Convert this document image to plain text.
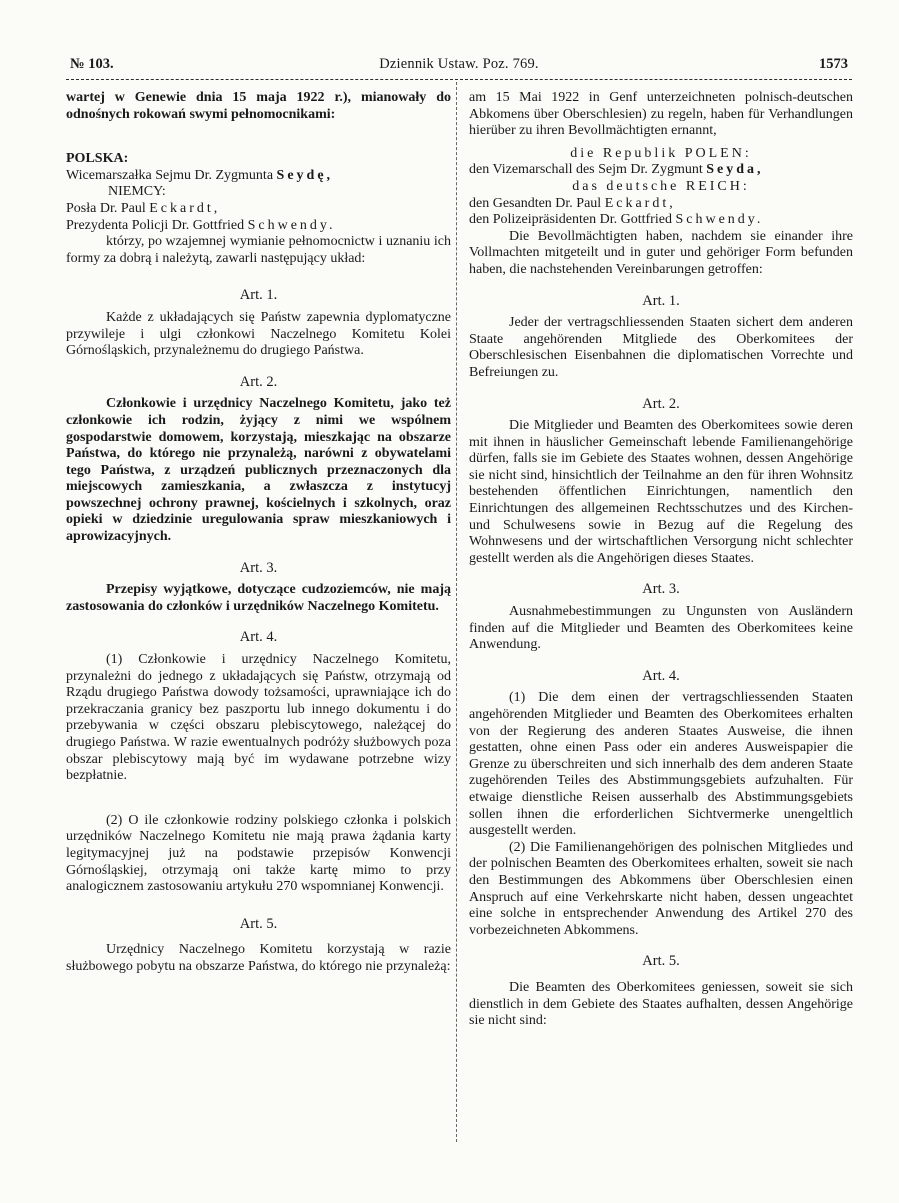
Dziennik Ustaw. Poz. 769.
№ 103.	1573

wartej w Genewie dnia 15 maja 1922 r.), mianowały do odnośnych rokowań swymi pełnomocnikami:

POLSKA:

Wicemarszałka Sejmu Dr. Zygmunta Seydę,

NIEMCY:

Posła Dr. Paul Eckardt,

Prezydenta Policji Dr. Gottfried Schwendy.

którzy, po wzajemnej wymianie pełnomocnictw i uznaniu ich formy za dobrą i należytą, zawarli następujący układ:

Art. 1.

Każde z układających się Państw zapewnia dyplomatyczne przywileje i ulgi członkowi Naczelnego Komitetu Kolei Górnośląskich, przynależnemu do drugiego Państwa.

Art. 2.

Członkowie i urzędnicy Naczelnego Komitetu, jako też członkowie ich rodzin, żyjący z nimi we wspólnem gospodarstwie domowem, korzystają, mieszkając na obszarze Państwa, do którego nie przynależą, narówni z obywatelami tego Państwa, z urządzeń publicznych przeznaczonych dla miejscowych zamieszkania, a zwłaszcza z instytucyj powszechnej ochrony prawnej, kościelnych i szkolnych, oraz opieki w dziedzinie uregulowania spraw mieszkaniowych i aprowizacyjnych.

Art. 3.

Przepisy wyjątkowe, dotyczące cudzoziemców, nie mają zastosowania do członków i urzędników Naczelnego Komitetu.

Art. 4.

(1) Członkowie i urzędnicy Naczelnego Komitetu, przynależni do jednego z układających się Państw, otrzymają od Rządu drugiego Państwa dowody tożsamości, uprawniające ich do przekraczania granicy bez paszportu lub innego dokumentu i do przebywania w części obszaru plebiscytowego, należącej do drugiego Państwa. W razie ewentualnych podróży służbowych poza obszar plebiscytowy mają być im wydawane potrzebne wizy bezpłatnie.

(2) O ile członkowie rodziny polskiego członka i polskich urzędników Naczelnego Komitetu nie mają prawa żądania karty legitymacyjnej już na podstawie przepisów Konwencji Górnośląskiej, otrzymają oni także kartę mimo to przy analogicznem zastosowaniu artykułu 270 wspomnianej Konwencji.

Art. 5.

Urzędnicy Naczelnego Komitetu korzystają w razie służbowego pobytu na obszarze Państwa, do którego nie przynależą:

am 15 Mai 1922 in Genf unterzeichneten polnisch-deutschen Abkomens über Oberschlesien) zu regeln, haben für Verhandlungen hierüber zu ihren Bevollmächtigten ernannt,

die Republik POLEN:

den Vizemarschall des Sejm Dr. Zygmunt Seyda,

das deutsche REICH:

den Gesandten Dr. Paul Eckardt,

den Polizeipräsidenten Dr. Gottfried Schwendy.

Die Bevollmächtigten haben, nachdem sie einander ihre Vollmachten mitgeteilt und in guter und gehöriger Form befunden haben, die nachstehenden Vereinbarungen getroffen:

Art. 1.

Jeder der vertragschliessenden Staaten sichert dem anderen Staate angehörenden Mitgliede des Oberkomitees der Oberschlesischen Eisenbahnen die diplomatischen Vorrechte und Befreiungen zu.

Art. 2.

Die Mitglieder und Beamten des Oberkomitees sowie deren mit ihnen in häuslicher Gemeinschaft lebende Familienangehörige dürfen, falls sie im Gebiete des Staates wohnen, dessen Angehörige sie nicht sind, hinsichtlich der Teilnahme an den für ihren Wohnsitz bestehenden öffentlichen Einrichtungen, namentlich den Einrichtungen des allgemeinen Rechtsschutzes und des Kirchen- und Schulwesens sowie in Bezug auf die Regelung des Wohnwesens und der wirtschaftlichen Versorgung nicht schlechter gestellt werden als die Angehörigen dieses Staates.

Art. 3.

Ausnahmebestimmungen zu Ungunsten von Ausländern finden auf die Mitglieder und Beamten des Oberkomitees keine Anwendung.

Art. 4.

(1) Die dem einen der vertragschliessenden Staaten angehörenden Mitglieder und Beamten des Oberkomitees erhalten von der Regierung des anderen Staates Ausweise, die ihnen gestatten, ohne einen Pass oder ein anderes Ausweispapier die Grenze zu überschreiten und sich innerhalb des dem anderen Staate zugehörenden Teiles des Abstimmungsgebiets aufzuhalten. Für etwaige dienstliche Reisen ausserhalb des Abstimmungsgebiets sollen ihnen die erforderlichen Sichtvermerke unengeltlich ausgestellt werden.

(2) Die Familienangehörigen des polnischen Mitgliedes und der polnischen Beamten des Oberkomitees erhalten, soweit sie nach den Bestimmungen des Abkommens über Oberschlesien einen Anspruch auf eine Verkehrskarte nicht haben, dessen ungeachtet eine solche in entsprechender Anwendung des Artikel 270 des vorbezeichneten Abkommens.

Art. 5.

Die Beamten des Oberkomitees geniessen, soweit sie sich dienstlich in dem Gebiete des Staates aufhalten, dessen Angehörige sie nicht sind:
